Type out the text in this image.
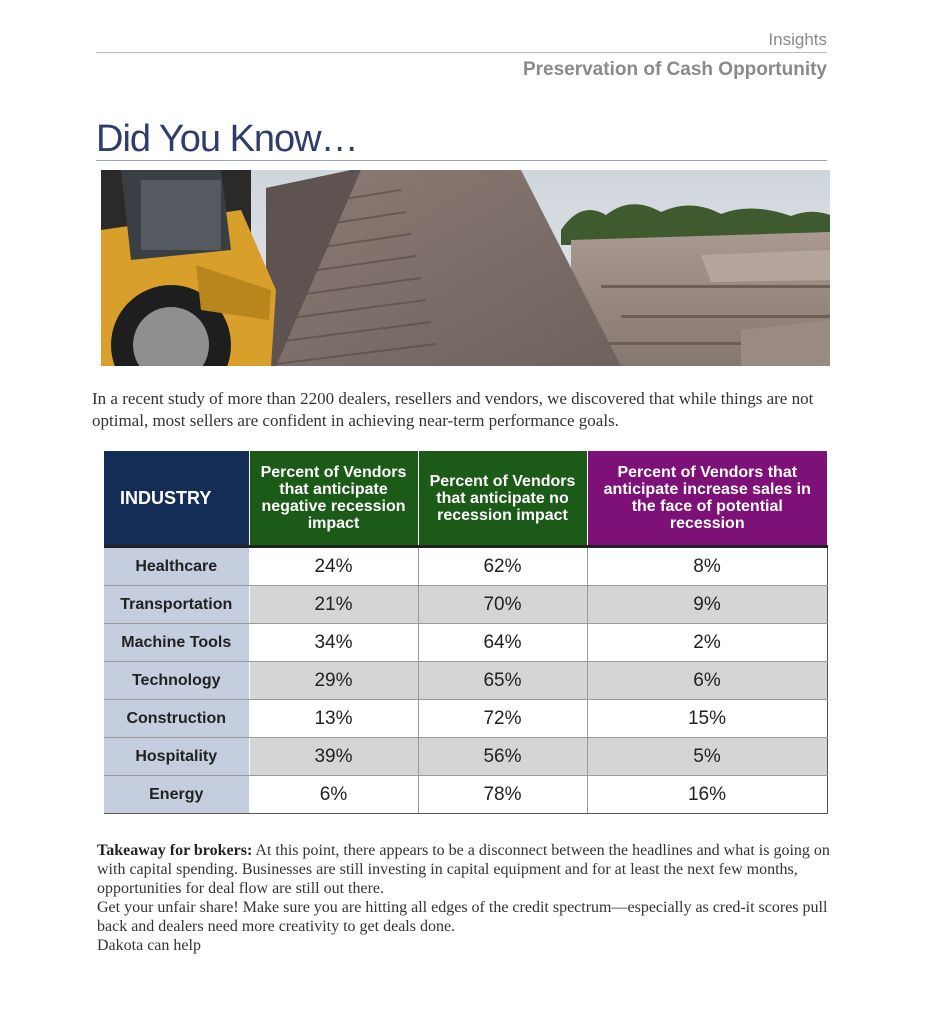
Insights
Preservation of Cash Opportunity
Did You Know…
In a recent study of more than 2200 dealers, resellers and vendors, we discovered that while things are not optimal, most sellers are confident in achieving near-term performance goals.
INDUSTRY	Percent of Vendors that anticipate negative recession impact	Percent of Vendors that anticipate no recession impact	Percent of Vendors that anticipate increase sales in the face of potential recession
Healthcare	24%	62%	8%
Transportation	21%	70%	9%
Machine Tools	34%	64%	2%
Technology	29%	65%	6%
Construction	13%	72%	15%
Hospitality	39%	56%	5%
Energy	6%	78%	16%

Takeaway for brokers: At this point, there appears to be a disconnect between the headlines and what is going on with capital spending. Businesses are still investing in capital equipment and for at least the next few months, opportunities for deal flow are still out there.

Get your unfair share! Make sure you are hitting all edges of the credit spectrum—especially as cred-it scores pull back and dealers need more creativity to get deals done.

Dakota can help
